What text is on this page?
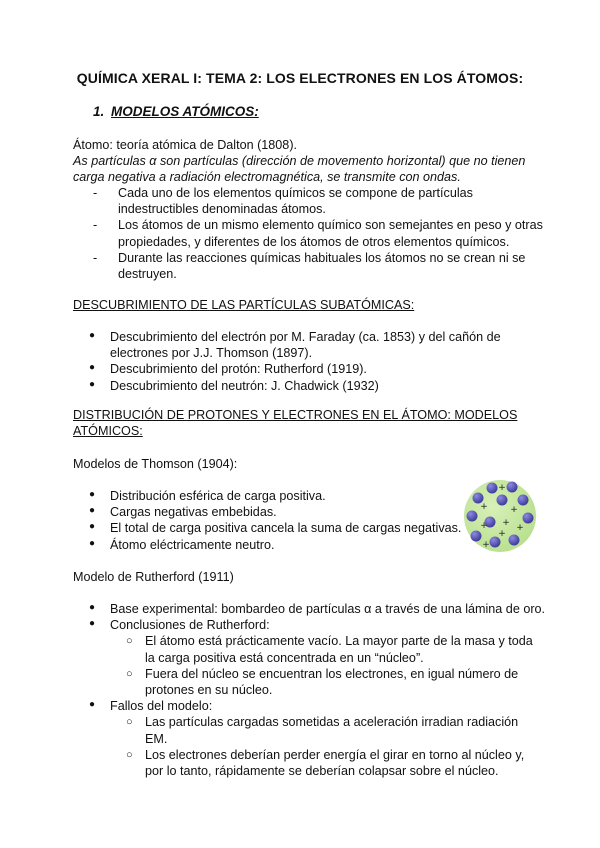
QUÍMICA XERAL I: TEMA 2: LOS ELECTRONES EN LOS ÁTOMOS:
1. MODELOS ATÓMICOS:
Átomo: teoría atómica de Dalton (1808).
As partículas α son partículas (dirección de movemento horizontal) que no tienen
carga negativa a radiación electromagnética, se transmite con ondas.
- Cada uno de los elementos químicos se compone de partículas
indestructibles denominadas átomos.
- Los átomos de un mismo elemento químico son semejantes en peso y otras
propiedades, y diferentes de los átomos de otros elementos químicos.
- Durante las reacciones químicas habituales los átomos no se crean ni se
destruyen.
DESCUBRIMIENTO DE LAS PARTÍCULAS SUBATÓMICAS:
● Descubrimiento del electrón por M. Faraday (ca. 1853) y del cañón de
electrones por J.J. Thomson (1897).
● Descubrimiento del protón: Rutherford (1919).
● Descubrimiento del neutrón: J. Chadwick (1932)
DISTRIBUCIÓN DE PROTONES Y ELECTRONES EN EL ÁTOMO: MODELOS
ATÓMICOS:
Modelos de Thomson (1904):
● Distribución esférica de carga positiva.
● Cargas negativas embebidas.
● El total de carga positiva cancela la suma de cargas negativas.
● Átomo eléctricamente neutro.
+ +
+ +
+
+
+
+
Modelo de Rutherford (1911)
● Base experimental: bombardeo de partículas α a través de una lámina de oro.
● Conclusiones de Rutherford:
○ El átomo está prácticamente vacío. La mayor parte de la masa y toda
la carga positiva está concentrada en un “núcleo”.
○ Fuera del núcleo se encuentran los electrones, en igual número de
protones en su núcleo.
● Fallos del modelo:
○ Las partículas cargadas sometidas a aceleración irradian radiación
EM.
○ Los electrones deberían perder energía el girar en torno al núcleo y,
por lo tanto, rápidamente se deberían colapsar sobre el núcleo.
